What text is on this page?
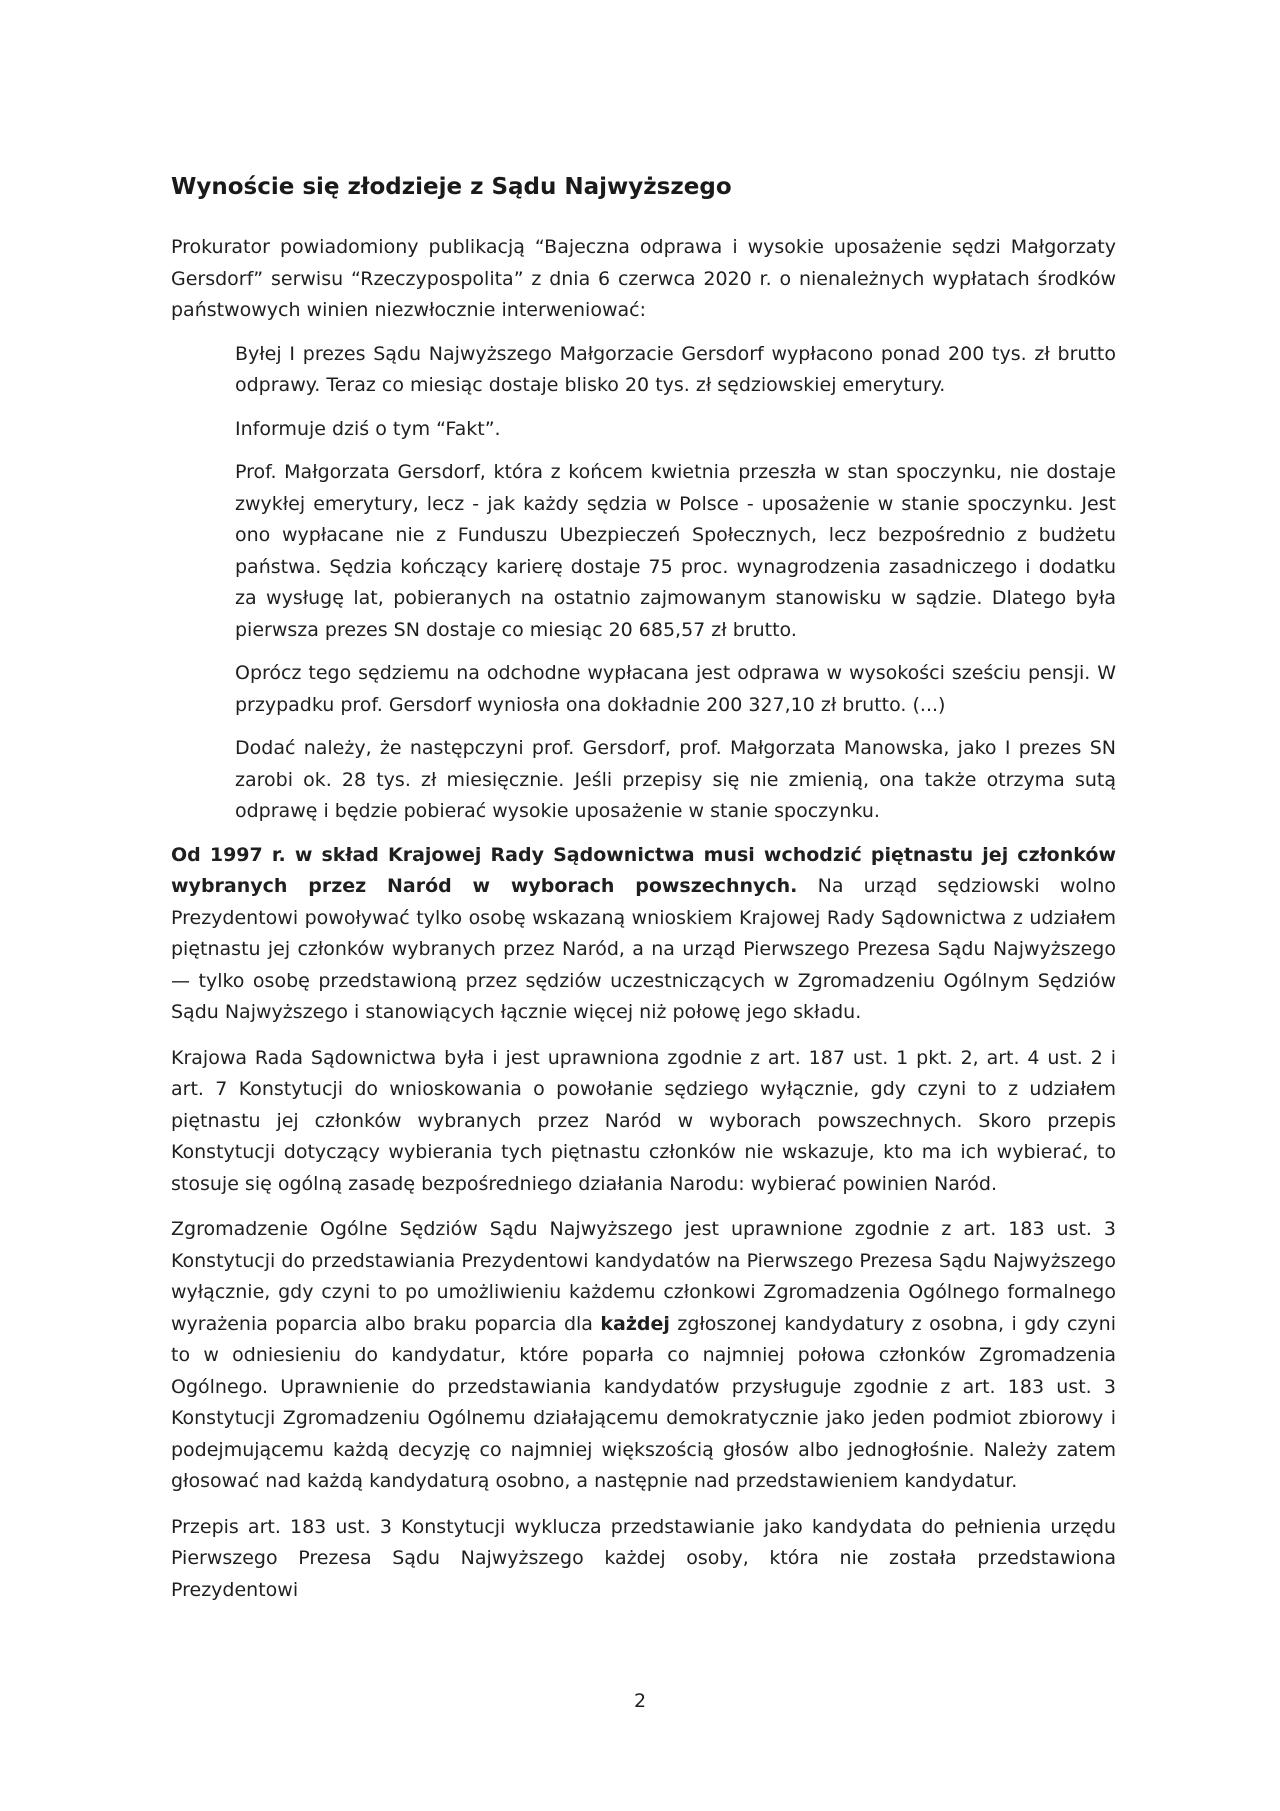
Wynoście się złodzieje z Sądu Najwyższego

Prokurator powiadomiony publikacją “Bajeczna odprawa i wysokie uposażenie sędzi Małgorzaty Gersdorf” serwisu “Rzeczypospolita” z dnia 6 czerwca 2020 r. o nienależnych wypłatach środków państwowych winien niezwłocznie interweniować:

Byłej I prezes Sądu Najwyższego Małgorzacie Gersdorf wypłacono ponad 200 tys. zł brutto odprawy. Teraz co miesiąc dostaje blisko 20 tys. zł sędziowskiej emerytury.

Informuje dziś o tym “Fakt”.

Prof. Małgorzata Gersdorf, która z końcem kwietnia przeszła w stan spoczynku, nie dostaje zwykłej emerytury, lecz - jak każdy sędzia w Polsce - uposażenie w stanie spoczynku. Jest ono wypłacane nie z Funduszu Ubezpieczeń Społecznych, lecz bezpośrednio z budżetu państwa. Sędzia kończący karierę dostaje 75 proc. wynagrodzenia zasadniczego i dodatku za wysługę lat, pobieranych na ostatnio zajmowanym stanowisku w sądzie. Dlatego była pierwsza prezes SN dostaje co miesiąc 20 685,57 zł brutto.

Oprócz tego sędziemu na odchodne wypłacana jest odprawa w wysokości sześciu pensji. W przypadku prof. Gersdorf wyniosła ona dokładnie 200 327,10 zł brutto. (...)

Dodać należy, że następczyni prof. Gersdorf, prof. Małgorzata Manowska, jako I prezes SN zarobi ok. 28 tys. zł miesięcznie. Jeśli przepisy się nie zmienią, ona także otrzyma sutą odprawę i będzie pobierać wysokie uposażenie w stanie spoczynku.

Od 1997 r. w skład Krajowej Rady Sądownictwa musi wchodzić piętnastu jej członków wybranych przez Naród w wyborach powszechnych. Na urząd sędziowski wolno Prezydentowi powoływać tylko osobę wskazaną wnioskiem Krajowej Rady Sądownictwa z udziałem piętnastu jej członków wybranych przez Naród, a na urząd Pierwszego Prezesa Sądu Najwyższego — tylko osobę przedstawioną przez sędziów uczestniczących w Zgromadzeniu Ogólnym Sędziów Sądu Najwyższego i stanowiących łącznie więcej niż połowę jego składu.

Krajowa Rada Sądownictwa była i jest uprawniona zgodnie z art. 187 ust. 1 pkt. 2, art. 4 ust. 2 i art. 7 Konstytucji do wnioskowania o powołanie sędziego wyłącznie, gdy czyni to z udziałem piętnastu jej członków wybranych przez Naród w wyborach powszechnych. Skoro przepis Konstytucji dotyczący wybierania tych piętnastu członków nie wskazuje, kto ma ich wybierać, to stosuje się ogólną zasadę bezpośredniego działania Narodu: wybierać powinien Naród.

Zgromadzenie Ogólne Sędziów Sądu Najwyższego jest uprawnione zgodnie z art. 183 ust. 3 Konstytucji do przedstawiania Prezydentowi kandydatów na Pierwszego Prezesa Sądu Najwyższego wyłącznie, gdy czyni to po umożliwieniu każdemu członkowi Zgromadzenia Ogólnego formalnego wyrażenia poparcia albo braku poparcia dla każdej zgłoszonej kandydatury z osobna, i gdy czyni to w odniesieniu do kandydatur, które poparła co najmniej połowa członków Zgromadzenia Ogólnego. Uprawnienie do przedstawiania kandydatów przysługuje zgodnie z art. 183 ust. 3 Konstytucji Zgromadzeniu Ogólnemu działającemu demokratycznie jako jeden podmiot zbiorowy i podejmującemu każdą decyzję co najmniej większością głosów albo jednogłośnie. Należy zatem głosować nad każdą kandydaturą osobno, a następnie nad przedstawieniem kandydatur.

Przepis art. 183 ust. 3 Konstytucji wyklucza przedstawianie jako kandydata do pełnienia urzędu Pierwszego Prezesa Sądu Najwyższego każdej osoby, która nie została przedstawiona Prezydentowi

2
